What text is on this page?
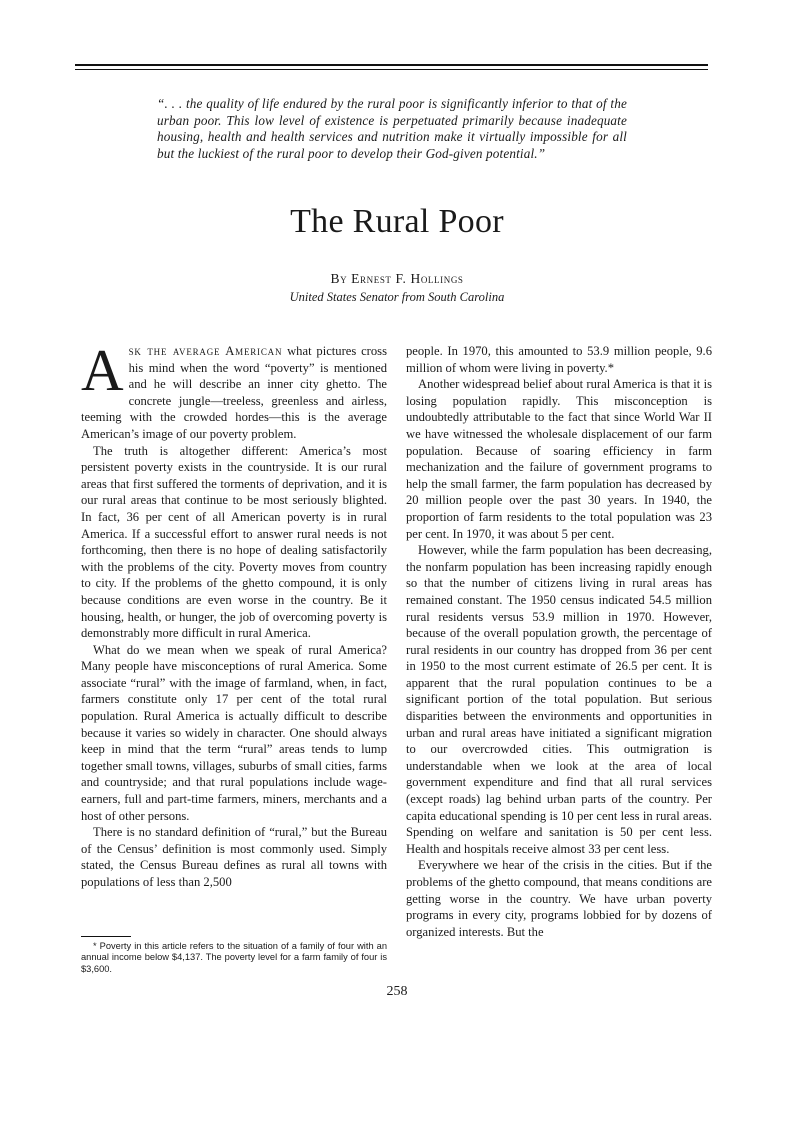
“. . . the quality of life endured by the rural poor is significantly inferior to that of the urban poor. This low level of existence is perpetuated primarily because inadequate housing, health and health services and nutrition make it virtually impossible for all but the luckiest of the rural poor to develop their God-given potential.”
The Rural Poor
By Ernest F. Hollings
United States Senator from South Carolina

Ask the average American what pictures cross his mind when the word “poverty” is mentioned and he will describe an inner city ghetto. The concrete jungle—treeless, greenless and airless, teeming with the crowded hordes—this is the average American’s image of our poverty problem.

The truth is altogether different: America’s most persistent poverty exists in the countryside. It is our rural areas that first suffered the torments of deprivation, and it is our rural areas that continue to be most seriously blighted. In fact, 36 per cent of all American poverty is in rural America. If a successful effort to answer rural needs is not forthcoming, then there is no hope of dealing satisfactorily with the problems of the city. Poverty moves from country to city. If the problems of the ghetto compound, it is only because conditions are even worse in the country. Be it housing, health, or hunger, the job of overcoming poverty is demonstrably more difficult in rural America.

What do we mean when we speak of rural America? Many people have misconceptions of rural America. Some associate “rural” with the image of farmland, when, in fact, farmers constitute only 17 per cent of the total rural population. Rural America is actually difficult to describe because it varies so widely in character. One should always keep in mind that the term “rural” areas tends to lump together small towns, villages, suburbs of small cities, farms and countryside; and that rural populations include wage-earners, full and part-time farmers, miners, merchants and a host of other persons.

There is no standard definition of “rural,” but the Bureau of the Census’ definition is most commonly used. Simply stated, the Census Bureau defines as rural all towns with populations of less than 2,500

people. In 1970, this amounted to 53.9 million people, 9.6 million of whom were living in poverty.*

Another widespread belief about rural America is that it is losing population rapidly. This misconception is undoubtedly attributable to the fact that since World War II we have witnessed the wholesale displacement of our farm population. Because of soaring efficiency in farm mechanization and the failure of government programs to help the small farmer, the farm population has decreased by 20 million people over the past 30 years. In 1940, the proportion of farm residents to the total population was 23 per cent. In 1970, it was about 5 per cent.

However, while the farm population has been decreasing, the nonfarm population has been increasing rapidly enough so that the number of citizens living in rural areas has remained constant. The 1950 census indicated 54.5 million rural residents versus 53.9 million in 1970. However, because of the overall population growth, the percentage of rural residents in our country has dropped from 36 per cent in 1950 to the most current estimate of 26.5 per cent. It is apparent that the rural population continues to be a significant portion of the total population. But serious disparities between the environments and opportunities in urban and rural areas have initiated a significant migration to our overcrowded cities. This outmigration is understandable when we look at the area of local government expenditure and find that all rural services (except roads) lag behind urban parts of the country. Per capita educational spending is 10 per cent less in rural areas. Spending on welfare and sanitation is 50 per cent less. Health and hospitals receive almost 33 per cent less.

Everywhere we hear of the crisis in the cities. But if the problems of the ghetto compound, that means conditions are getting worse in the country. We have urban poverty programs in every city, programs lobbied for by dozens of organized interests. But the

* Poverty in this article refers to the situation of a family of four with an annual income below $4,137. The poverty level for a farm family of four is $3,600.

258
